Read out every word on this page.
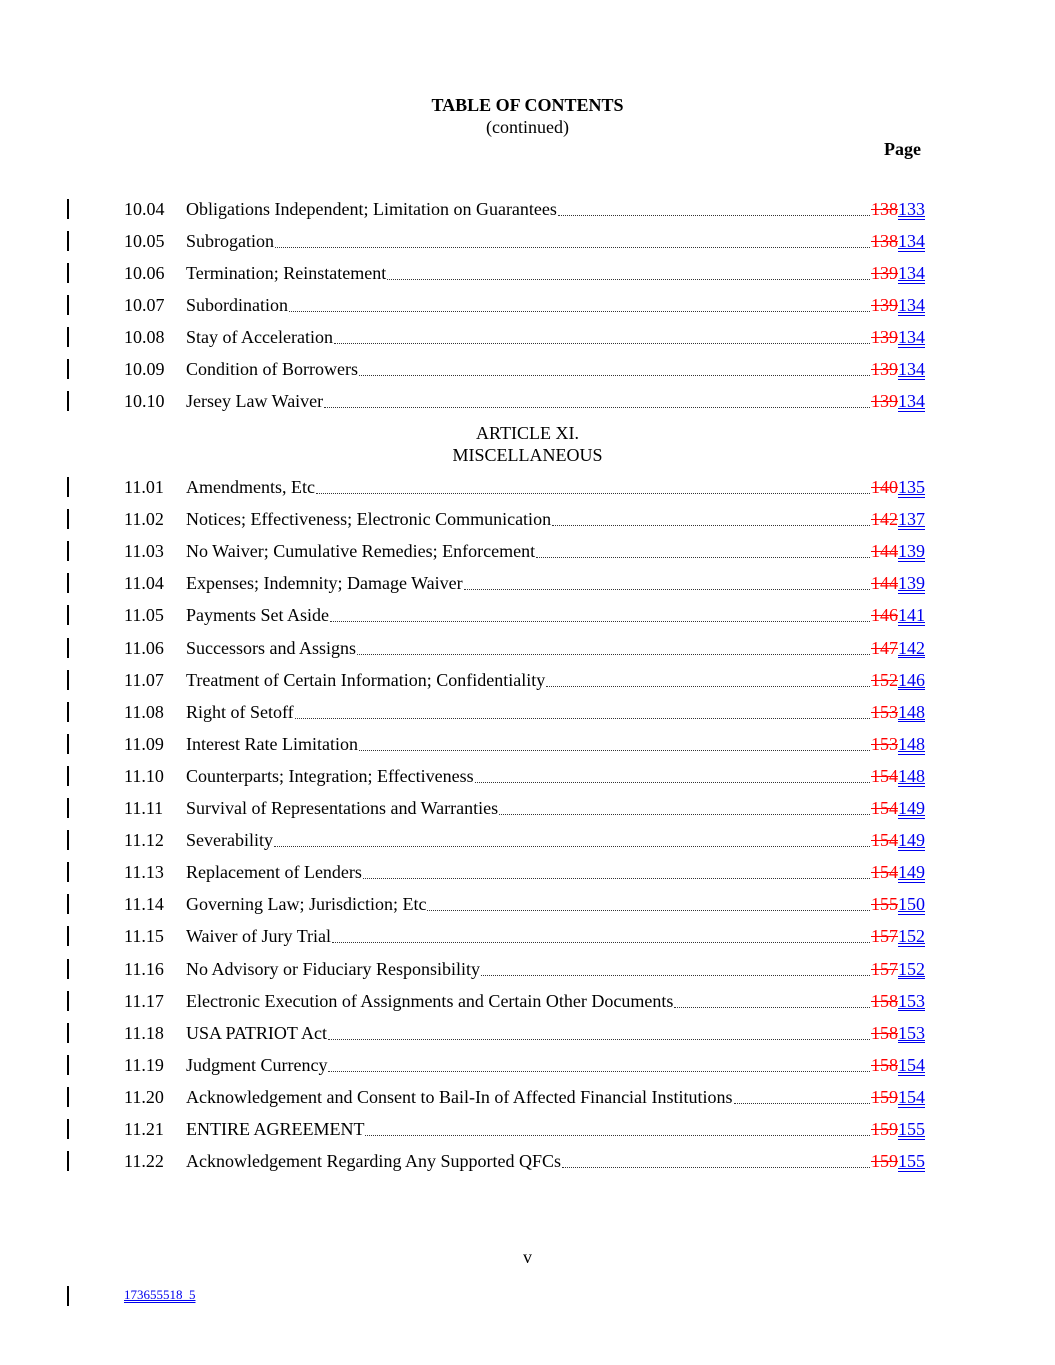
TABLE OF CONTENTS
(continued)
Page
10.04	Obligations Independent; Limitation on Guarantees	138 133
10.05	Subrogation	138 134
10.06	Termination; Reinstatement	139 134
10.07	Subordination	139 134
10.08	Stay of Acceleration	139 134
10.09	Condition of Borrowers	139 134
10.10	Jersey Law Waiver	139 134
ARTICLE XI.
MISCELLANEOUS
11.01	Amendments, Etc	140 135
11.02	Notices; Effectiveness; Electronic Communication	142 137
11.03	No Waiver; Cumulative Remedies; Enforcement	144 139
11.04	Expenses; Indemnity; Damage Waiver	144 139
11.05	Payments Set Aside	146 141
11.06	Successors and Assigns	147 142
11.07	Treatment of Certain Information; Confidentiality	152 146
11.08	Right of Setoff	153 148
11.09	Interest Rate Limitation	153 148
11.10	Counterparts; Integration; Effectiveness	154 148
11.11	Survival of Representations and Warranties	154 149
11.12	Severability	154 149
11.13	Replacement of Lenders	154 149
11.14	Governing Law; Jurisdiction; Etc	155 150
11.15	Waiver of Jury Trial	157 152
11.16	No Advisory or Fiduciary Responsibility	157 152
11.17	Electronic Execution of Assignments and Certain Other Documents	158 153
11.18	USA PATRIOT Act	158 153
11.19	Judgment Currency	158 154
11.20	Acknowledgement and Consent to Bail-In of Affected Financial Institutions	159 154
11.21	ENTIRE AGREEMENT	159 155
11.22	Acknowledgement Regarding Any Supported QFCs	159 155
v
173655518_5
